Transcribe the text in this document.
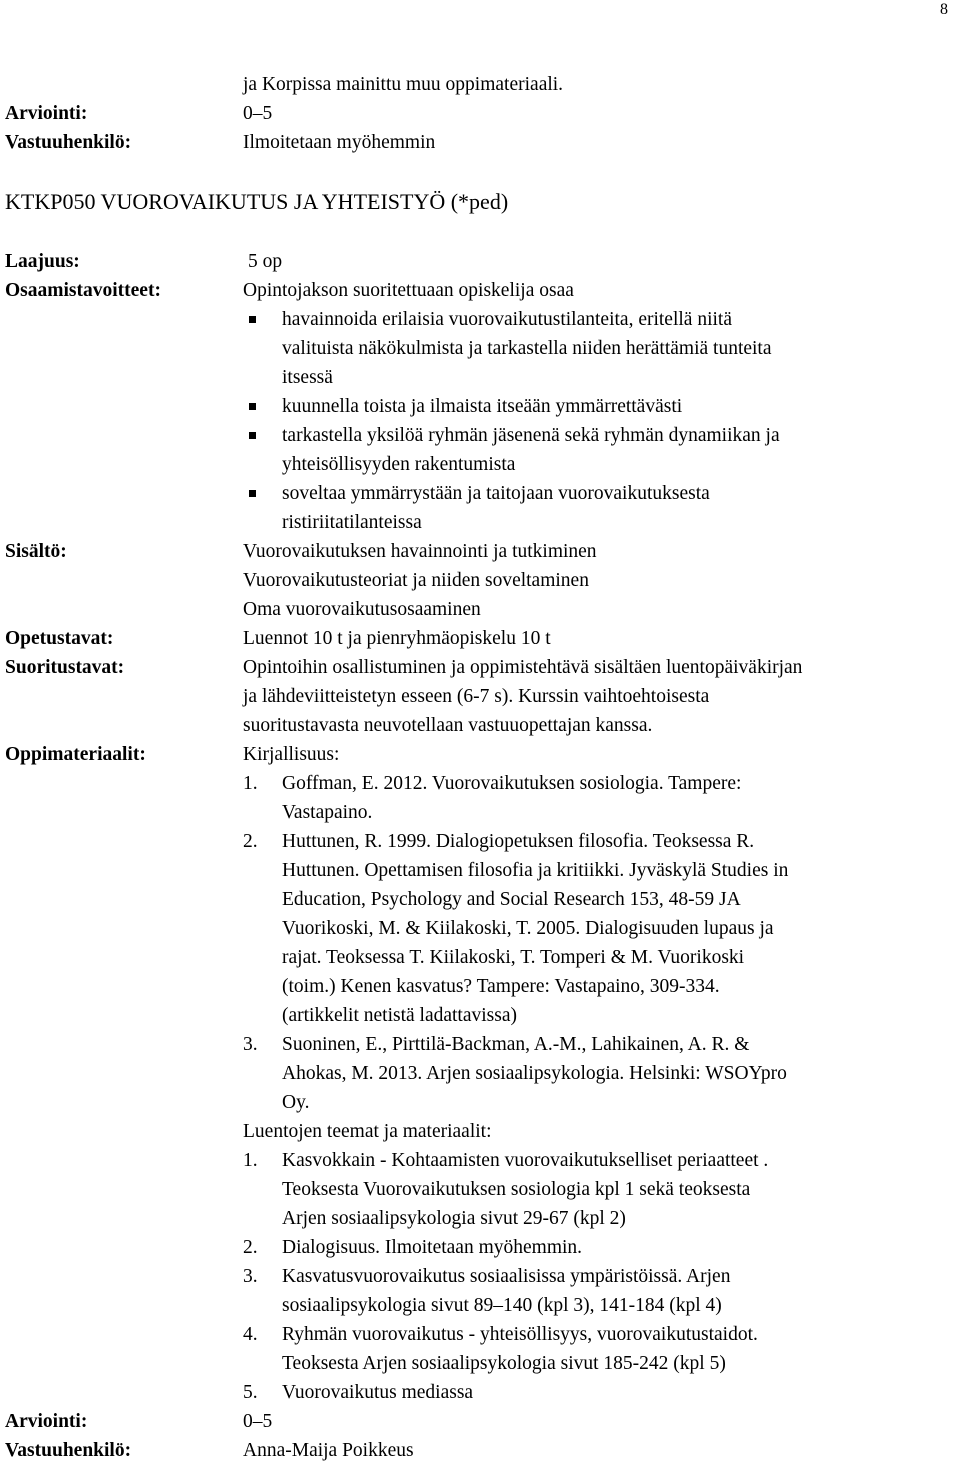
8
ja Korpissa mainittu muu oppimateriaali.
Arviointi:	0–5
Vastuuhenkilö:	Ilmoitetaan myöhemmin
KTKP050 VUOROVAIKUTUS JA YHTEISTYÖ (*ped)
Laajuus:	5 op
Osaamistavoitteet:	Opintojakson suoritettuaan opiskelija osaa
havainnoida erilaisia vuorovaikutustilanteita, eritellä niitä
valituista näkökulmista ja tarkastella niiden herättämiä tunteita
itsessä
kuunnella toista ja ilmaista itseään ymmärrettävästi
tarkastella yksilöä ryhmän jäsenenä sekä ryhmän dynamiikan ja
yhteisöllisyyden rakentumista
soveltaa ymmärrystään ja taitojaan vuorovaikutuksesta
ristiriitatilanteissa
Sisältö:	Vuorovaikutuksen havainnointi ja tutkiminen
Vuorovaikutusteoriat ja niiden soveltaminen
Oma vuorovaikutusosaaminen
Opetustavat:	Luennot 10 t ja pienryhmäopiskelu 10 t
Suoritustavat:	Opintoihin osallistuminen ja oppimistehtävä sisältäen luentopäiväkirjan
ja lähdeviitteistetyn esseen (6-7 s). Kurssin vaihtoehtoisesta
suoritustavasta neuvotellaan vastuuopettajan kanssa.
Oppimateriaalit:	Kirjallisuus:
1. Goffman, E. 2012. Vuorovaikutuksen sosiologia. Tampere:
Vastapaino.
2. Huttunen, R. 1999. Dialogiopetuksen filosofia. Teoksessa R.
Huttunen. Opettamisen filosofia ja kritiikki. Jyväskylä Studies in
Education, Psychology and Social Research 153, 48-59 JA
Vuorikoski, M. & Kiilakoski, T. 2005. Dialogisuuden lupaus ja
rajat. Teoksessa T. Kiilakoski, T. Tomperi & M. Vuorikoski
(toim.) Kenen kasvatus? Tampere: Vastapaino, 309-334.
(artikkelit netistä ladattavissa)
3. Suoninen, E., Pirttilä-Backman, A.-M., Lahikainen, A. R. &
Ahokas, M. 2013. Arjen sosiaalipsykologia. Helsinki: WSOYpro
Oy.
Luentojen teemat ja materiaalit:
1. Kasvokkain - Kohtaamisten vuorovaikutukselliset periaatteet .
Teoksesta Vuorovaikutuksen sosiologia kpl 1 sekä teoksesta
Arjen sosiaalipsykologia sivut 29-67 (kpl 2)
2. Dialogisuus. Ilmoitetaan myöhemmin.
3. Kasvatusvuorovaikutus sosiaalisissa ympäristöissä. Arjen
sosiaalipsykologia sivut 89–140 (kpl 3), 141-184 (kpl 4)
4. Ryhmän vuorovaikutus - yhteisöllisyys, vuorovaikutustaidot.
Teoksesta Arjen sosiaalipsykologia sivut 185-242 (kpl 5)
5. Vuorovaikutus mediassa
Arviointi:	0–5
Vastuuhenkilö:	Anna-Maija Poikkeus
